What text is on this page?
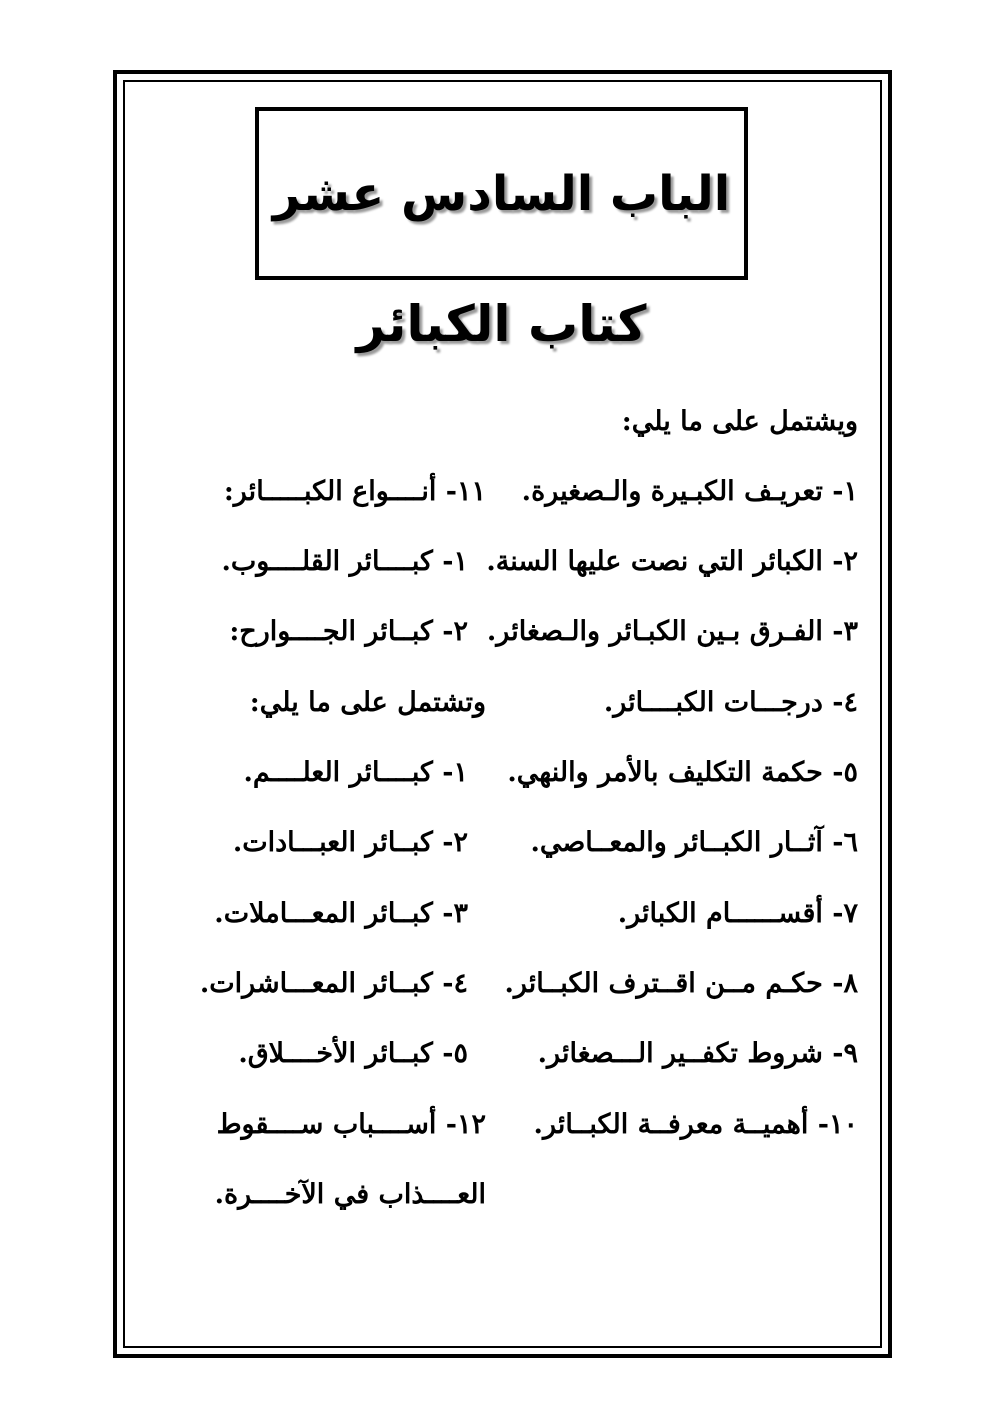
الباب السادس عشر
كتاب الكبائر
ويشتمل على ما يلي:
١- تعريـف الكبـيرة والـصغيرة.
٢- الكبائر التي نصت عليها السنة.
٣- الفـرق بـين الكبـائر والـصغائر.
٤- درجـــات الكبــــائر.
٥- حكمة التكليف بالأمر والنهي.
٦- آثــار الكبــائر والمعــاصي.
٧- أقســــــام الكبائر.
٨- حكـم مــن اقــترف الكبــائر.
٩- شروط تكفــير الـــصغائر.
١٠- أهميــة معرفــة الكبــائر.
١١- أنــــواع الكبـــــائر:
١- كبــــائر القلــــوب.
٢- كبــائر الجــــوارح:
وتشتمل على ما يلي:
١- كبــــائر العلــــم.
٢- كبــائر العبـــادات.
٣- كبــائر المعـــاملات.
٤- كبــائر المعـــاشرات.
٥- كبــائر الأخــــلاق.
١٢- أســــباب ســــقوط
العــــذاب في الآخــــرة.
